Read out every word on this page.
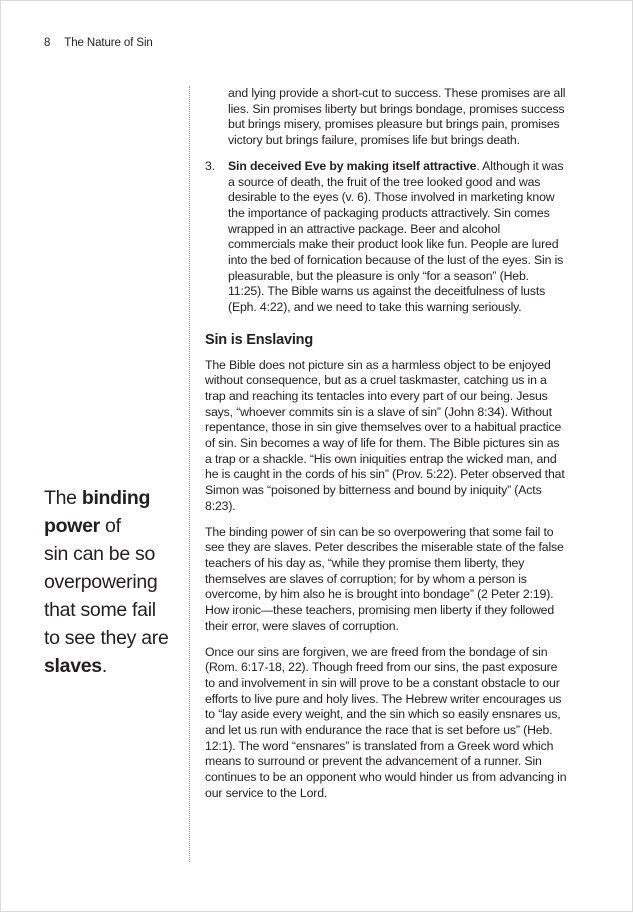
8 The Nature of Sin
The binding
power of
sin can be so
overpowering
that some fail
to see they are
slaves.

and lying provide a short-cut to success. These promises are all lies. Sin promises liberty but brings bondage, promises success but brings misery, promises pleasure but brings pain, promises victory but brings failure, promises life but brings death.

3.	Sin deceived Eve by making itself attractive. Although it was a source of death, the fruit of the tree looked good and was desirable to the eyes (v. 6). Those involved in marketing know the importance of packaging products attractively. Sin comes wrapped in an attractive package. Beer and alcohol commercials make their product look like fun. People are lured into the bed of fornication because of the lust of the eyes. Sin is pleasurable, but the pleasure is only “for a season” (Heb. 11:25). The Bible warns us against the deceitfulness of lusts (Eph. 4:22), and we need to take this warning seriously.
Sin is Enslaving

The Bible does not picture sin as a harmless object to be enjoyed without consequence, but as a cruel taskmaster, catching us in a trap and reaching its tentacles into every part of our being. Jesus says, “whoever commits sin is a slave of sin” (John 8:34). Without repentance, those in sin give themselves over to a habitual practice of sin. Sin becomes a way of life for them. The Bible pictures sin as a trap or a shackle. “His own iniquities entrap the wicked man, and he is caught in the cords of his sin” (Prov. 5:22). Peter observed that Simon was “poisoned by bitterness and bound by iniquity” (Acts 8:23).

The binding power of sin can be so overpowering that some fail to see they are slaves. Peter describes the miserable state of the false teachers of his day as, “while they promise them liberty, they themselves are slaves of corruption; for by whom a person is overcome, by him also he is brought into bondage” (2 Peter 2:19). How ironic—these teachers, promising men liberty if they followed their error, were slaves of corruption.

Once our sins are forgiven, we are freed from the bondage of sin (Rom. 6:17-18, 22). Though freed from our sins, the past exposure to and involvement in sin will prove to be a constant obstacle to our efforts to live pure and holy lives. The Hebrew writer encourages us to “lay aside every weight, and the sin which so easily ensnares us, and let us run with endurance the race that is set before us” (Heb. 12:1). The word “ensnares” is translated from a Greek word which means to surround or prevent the advancement of a runner. Sin continues to be an opponent who would hinder us from advancing in our service to the Lord.
